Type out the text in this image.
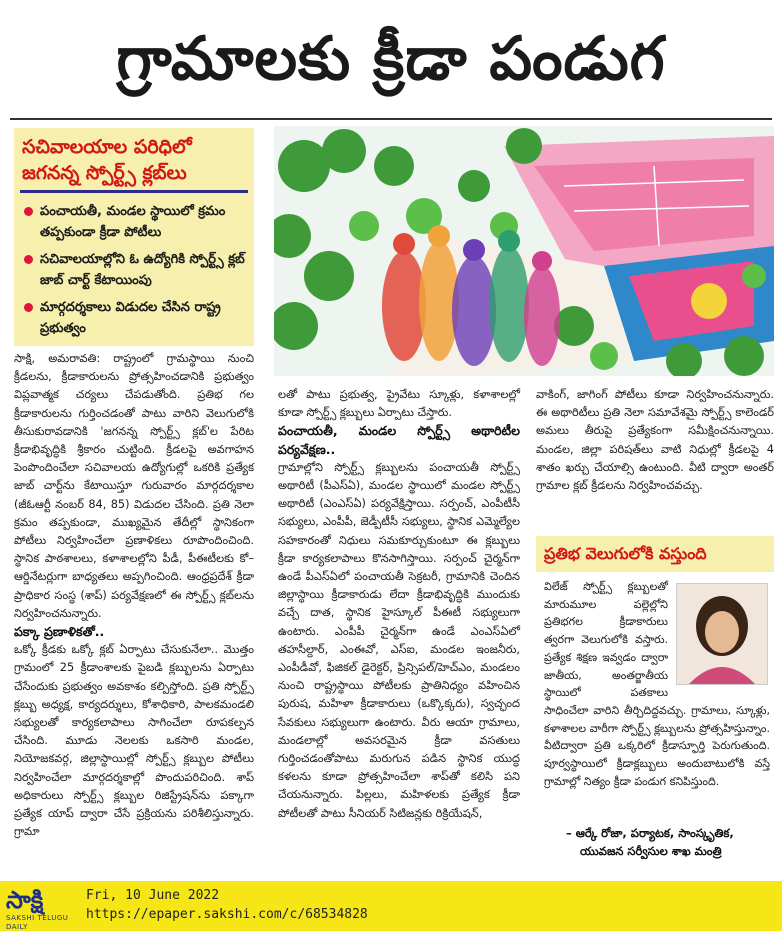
గ్రామాలకు క్రీడా పండుగ
సచివాలయాల పరిధిలో జగనన్న స్పోర్ట్స్‌ క్లబ్‌లు
పంచాయతీ, మండల స్థాయిలో క్రమం తప్పకుండా క్రీడా పోటీలు
సచివాలయాల్లోని ఓ ఉద్యోగికి స్పోర్ట్స్‌ క్లబ్‌ జాబ్‌ చార్ట్‌ కేటాయింపు
మార్గదర్శకాలు విడుదల చేసిన రాష్ట్ర ప్రభుత్వం

సాక్షి, అమరావతి: రాష్ట్రంలో గ్రామస్థాయి నుంచి క్రీడలను, క్రీడాకారులను ప్రోత్సహించడానికి ప్రభుత్వం విప్లవాత్మక చర్యలు చేపడుతోంది. ప్రతిభ గల క్రీడాకారులను గుర్తించడంతో పాటు వారిని వెలుగులోకి తీసుకురావడానికి 'జగనన్న స్పోర్ట్స్‌ క్లబ్‌'ల పేరిట క్రీడాభివృద్ధికి శ్రీకారం చుట్టింది. క్రీడలపై అవగాహన పెంపొందించేలా సచివాలయ ఉద్యోగుల్లో ఒకరికి ప్రత్యేక జాబ్‌ చార్ట్‌ను కేటాయిస్తూ గురువారం మార్గదర్శకాల (జీఓఆర్టీ నంబర్‌ 84, 85) విడుదల చేసింది. ప్రతి నెలా క్రమం తప్పకుండా, ముఖ్యమైన తేదీల్లో స్థానికంగా పోటీలు నిర్వహించేలా ప్రణాళికలు రూపొందించింది. స్థానిక పాఠశాలలు, కళాశాలల్లోని పీడీ, పీఈటీలకు కో–ఆర్డినేటర్లుగా బాధ్యతలు అప్పగించింది. ఆంధ్రప్రదేశ్‌ క్రీడా ప్రాధికార సంస్థ (శాప్‌) పర్యవేక్షణలో ఈ స్పోర్ట్స్‌ క్లబ్‌లను నిర్వహించనున్నారు.

పక్కా ప్రణాళికతో..

ఒక్కో క్రీడకు ఒక్కో క్లబ్‌ ఏర్పాటు చేసుకునేలా.. మొత్తం గ్రామంలో 25 క్రీడాంశాలకు పైబడి క్లబ్బులను ఏర్పాటు చేసేందుకు ప్రభుత్వం అవకాశం కల్పిస్తోంది. ప్రతి స్పోర్ట్స్‌ క్లబ్బు అధ్యక్ష, కార్యదర్శులు, కోశాధికారి, పాలకమండలి సభ్యులతో కార్యకలాపాలు సాగించేలా రూపకల్పన చేసింది. మూడు నెలలకు ఒకసారి మండల, నియోజకవర్గ, జిల్లాస్థాయిల్లో స్పోర్ట్స్‌ క్లబ్బుల పోటీలు నిర్వహించేలా మార్గదర్శకాల్లో పొందుపరిచింది. శాప్‌ అధికారులు స్పోర్ట్స్‌ క్లబ్బుల రిజిస్ట్రేషన్‌ను పక్కాగా ప్రత్యేక యాప్‌ ద్వారా చేసే ప్రక్రియను పరిశీలిస్తున్నారు. గ్రామా

లతో పాటు ప్రభుత్వ, ప్రైవేటు స్కూళ్లు, కళాశాలల్లో కూడా స్పోర్ట్స్‌ క్లబ్బులు ఏర్పాటు చేస్తారు.

పంచాయతీ, మండల స్పోర్ట్స్‌ అథారిటీల పర్యవేక్షణ..

గ్రామాల్లోని స్పోర్ట్స్‌ క్లబ్బులను పంచాయతీ స్పోర్ట్స్‌ అథారిటీ (పీఎస్‌ఏ), మండల స్థాయిలో మండల స్పోర్ట్స్‌ అథారిటీ (ఎంఎస్‌ఏ) పర్యవేక్షిస్తాయి. సర్పంచ్, ఎంపీటీసీ సభ్యులు, ఎంపీపీ, జెడ్పీటీసీ సభ్యులు, స్థానిక ఎమ్మెల్యేల సహకారంతో నిధులు సమకూర్చుకుంటూ ఈ క్లబ్బులు క్రీడా కార్యకలాపాలు కొనసాగిస్తాయి. సర్పంచ్‌ చైర్మన్‌గా ఉండే పీఎస్‌ఏలో పంచాయతీ సెక్రటరీ, గ్రామానికి చెందిన జిల్లాస్థాయి క్రీడాకారుడు లేదా క్రీడాభివృద్ధికి ముందుకు వచ్చే దాత, స్థానిక హైస్కూల్‌ పీఈటీ సభ్యులుగా ఉంటారు. ఎంపీపీ చైర్మన్‌గా ఉండే ఎంఎస్‌ఏలో తహసీల్దార్, ఎంఈవో, ఎస్‌ఐ, మండల ఇంజనీరు, ఎంపీడీవో, ఫిజికల్‌ డైరెక్టర్, ప్రిన్సిపల్‌/హెచ్‌ఎం, మండలం నుంచి రాష్ట్రస్థాయి పోటీలకు ప్రాతినిధ్యం వహించిన పురుష, మహిళా క్రీడాకారులు (ఒక్కొక్కరు), స్వచ్ఛంద సేవకులు సభ్యులుగా ఉంటారు. వీరు ఆయా గ్రామాలు, మండలాల్లో అవసరమైన క్రీడా వసతులు గుర్తించడంతోపాటు మరుగున పడిన స్థానిక యుద్ధ కళలను కూడా ప్రోత్సహించేలా శాప్‌తో కలిసి పని చేయనున్నారు. పిల్లలు, మహిళలకు ప్రత్యేక క్రీడా పోటీలతో పాటు సీనియర్‌ సిటిజన్లకు రిక్రియేషన్,

వాకింగ్, జాగింగ్‌ పోటీలు కూడా నిర్వహించనున్నారు. ఈ అథారిటీలు ప్రతి నెలా సమావేశమై స్పోర్ట్స్‌ కాలెండర్‌ అమలు తీరుపై ప్రత్యేకంగా సమీక్షించనున్నాయి. మండల, జిల్లా పరిషత్‌లు వాటి నిధుల్లో క్రీడలపై 4 శాతం ఖర్చు చేయాల్సి ఉంటుంది. వీటి ద్వారా అంతర్‌ గ్రామాల క్లబ్‌ క్రీడలను నిర్వహించవచ్చు.

ప్రతిభ వెలుగులోకి వస్తుంది
విలేజ్‌ స్పోర్ట్స్‌ క్లబ్బులతో మారుమూల పల్లెల్లోని ప్రతిభగల క్రీడాకారులు త్వరగా వెలుగులోకి వస్తారు. ప్రత్యేక శిక్షణ ఇవ్వడం ద్వారా జాతీయ, అంతర్జాతీయ స్థాయిలో పతకాలు సాధించేలా వారిని తీర్చిదిద్దవచ్చు. గ్రామాలు, స్కూళ్లు, కళాశాలల వారీగా స్పోర్ట్స్‌ క్లబ్బులను ప్రోత్సహిస్తున్నాం. వీటిద్వారా ప్రతి ఒక్కరిలో క్రీడాస్ఫూర్తి పెరుగుతుంది. పూర్వస్థాయిలో క్రీడాక్లబ్బులు అందుబాటులోకి వస్తే గ్రామాల్లో నిత్యం క్రీడా పండుగ కనిపిస్తుంది.
– ఆర్కే రోజా, పర్యాటక, సాంస్కృతిక,
యువజన సర్వీసుల శాఖ మంత్రి
సాక్షి
SAKSHI TELUGU DAILY
Fri, 10 June 2022
https://epaper.sakshi.com/c/68534828
